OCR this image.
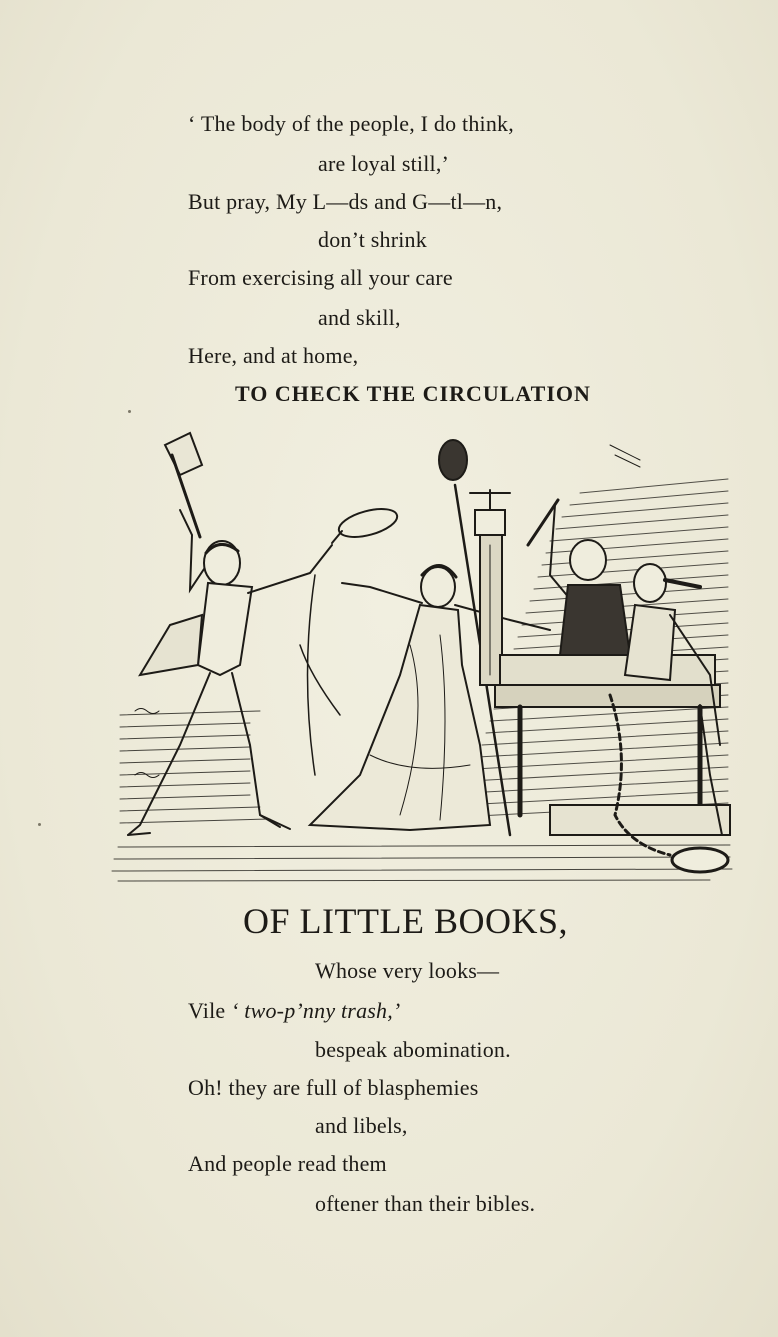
‘ The body of the people, I do think,
are loyal still,’
But pray, My L—ds and G—tl—n,
don’t shrink
From exercising all your care
and skill,
Here, and at home,
TO CHECK THE CIRCULATION
OF LITTLE BOOKS,
Whose very looks—
Vile ‘ two-p’nny trash,’
bespeak abomination.
Oh! they are full of blasphemies
and libels,
And people read them
oftener than their bibles.
